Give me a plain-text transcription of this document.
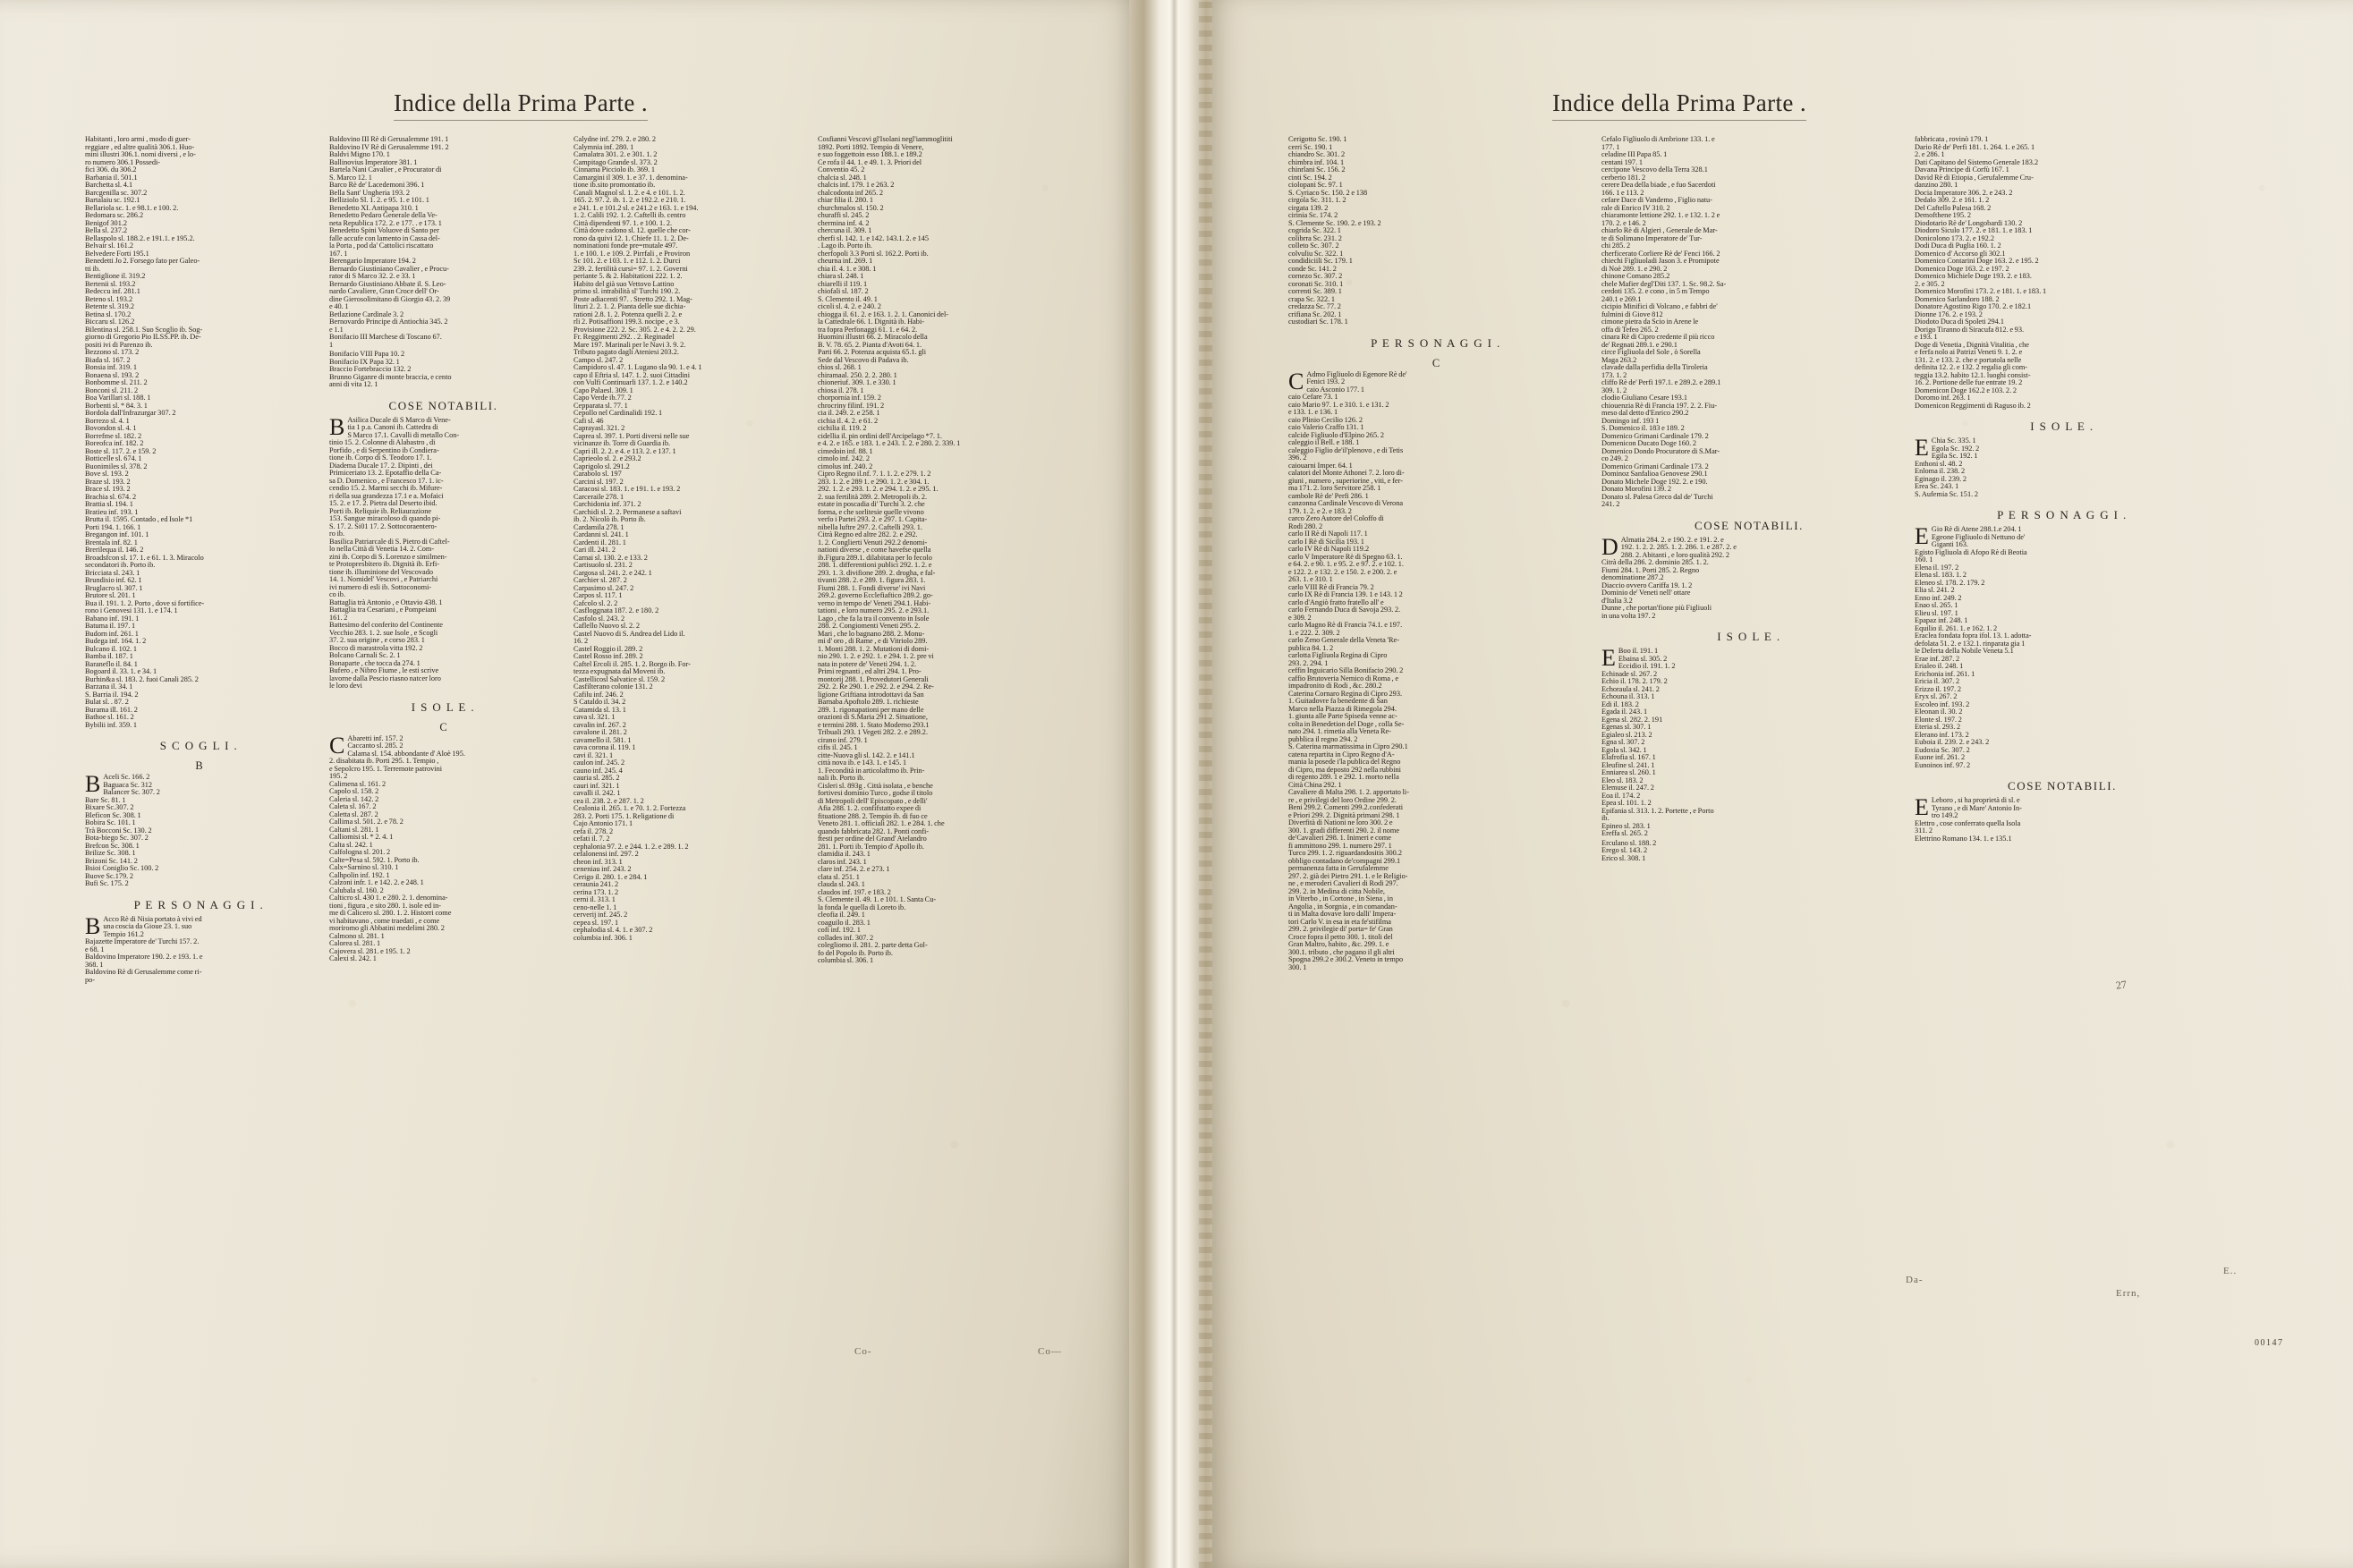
Indice della Prima Parte .
Habitanti , loro armi , modo di guer-
reggiare , ed altre qualità 306.1. Huo-
mini illustri 306.1. nomi diversi , e lo-
ro numero 306.1 Possedi-
fici 306. du 306.2
Barbania il. 501.1
Barchetta sl. 4.1
Barcgenilla sc. 307.2
Bartalaiu sc. 192.1
Bellariola sc. 1. e 98.1. e 100. 2.
Bedomara sc. 286.2
Benigof 301.2
Bella sl. 237.2
Bellaspolo sl. 188.2. e 191.1. e 195.2.
Belvair sl. 161.2
Belvedere Forti 195.1
Benedetti Jo 2. Forsego fato per Galeo-
tti ib.
Bentiglione il. 319.2
Bertenii sl. 193.2
Bedeccu inf. 281.1
Beteno sl. 193.2
Betente sl. 319.2
Betina sl. 170.2
Biccaru sl. 126.2
Bilentina sl. 258.1. Suo Scoglio ib. Sog-
giorno di Gregorio Pio ILSS.PP. ib. De-
positi ivi di Parenzo ib.
Bezzono sl. 173. 2
Biada sl. 167. 2
Bonsia inf. 319. 1
Bonaena sl. 193. 2
Bonbomme sl. 211. 2
Bonconi sl. 211. 2
Boa Varillari sl. 188. 1
Borbenti sl. * 84. 3. 1
Bordola dall'Infrazurgar 307. 2
Borrezo sl. 4. 1
Bovondon sl. 4. 1
Borrefme sl. 182. 2
Boreofca inf. 182. 2
Boste sl. 117. 2. e 159. 2
Botticelle sl. 674. 1
Buonimiles sl. 378. 2
Bove sl. 193. 2
Braze sl. 193. 2
Brace sl. 193. 2
Brachia sl. 674. 2
Brattia sl. 194. 1
Bratieu inf. 193. 1
Brutta il. 1595. Contado , ed Isole *1
Porti 194. 1. 166. 1
Bregangon inf. 101. 1
Brentala inf. 82. 1
Brerilequa il. 146. 2
Broadsfcon sl. 17. 1. e 61. 1. 3. Miracolo
secondatori ib. Porto ib.
Bricciata sl. 243. 1
Brundisio inf. 62. 1
Bruglacro sl. 307. 1
Brutore sl. 201. 1
Bua il. 191. 1. 2. Porto , dove si fortifice-
rono i Genovesi 131. 1. e 174. 1
Babano inf. 191. 1
Batuma il. 197. 1
Budorn inf. 261. 1
Budega inf. 164. 1. 2
Bulcano il. 102. 1
Bamba il. 187. 1
Baraneflo il. 84. 1
Bogoard il. 33. 1. e 34. 1
Burhin&a sl. 183. 2. fuoi Canali 285. 2
Barzana il. 34. 1
S. Barria il. 194. 2
Bulat sl. . 87. 2
Burama ill. 161. 2
Bathoe sl. 161. 2
Bybilii inf. 359. 1
S C O G L I .
B
B Aceli Sc. 166. 2
Baguaca Sc. 312
Balancer Sc. 307. 2
Bare Sc. 81. 1
Bixare Sc.307. 2
Bleficon Sc. 308. 1
Bobira Sc. 101. 1
Trà Bocconi Sc. 130. 2
Bota-biego Sc. 307. 2
Brefcon Sc. 308. 1
Brilize Sc. 308. 1
Brizoni Sc. 141. 2
Bsioi Coniglio Sc. 100. 2
Buove Sc.179. 2
Bufi Sc. 175. 2
P E R S O N A G G I .
B Acco Rè di Nisia portato à vivi ed
una coscia da Gioue 23. 1. suo
Tempio 161.2
Bajazette Imperatore de' Turchi 157. 2.
e 68. 1
Baldovino Imperatore 190. 2. e 193. 1. e
368. 1
Baldovino Rè di Gerusalemme come ri-
po-
Baldovino III Rè di Gerusalemme 191. 1
Baldovino IV Rè di Gerusalemme 191. 2
Baldvi Migno 170. 1
Ballinovius Imperatore 381. 1
Bartela Nani Cavalier , e Procurator di
S. Marco 12. 1
Barco Rè de' Lacedemoni 396. 1
Bella Sant' Ungheria 193. 2
Belliziolo Sl. 1. 2. e 95. 1. e 101. 1
Benedetto XI. Antipapa 310. 1
Benedetto Pedaro Generale della Ve-
neta Republica 172. 2. e 177. . e 173. 1
Benedetto Spini Voluove di Santo per
falle accufe con lamento in Cassa del-
la Porta , pod da' Cattolici riscattato
167. 1
Berengario Imperatore 194. 2
Bernardo Giustiniano Cavalier , e Procu-
rator di S Marco 32. 2. e 33. 1
Bernardo Giustiniano Abbate il. S. Leo-
nardo Cavaliere, Gran Croce dell' Or-
dine Gierosolimitano di Giorgio 43. 2. 39
e 40. 1
Betlazione Cardinale 3. 2
Bernovardo Principe di Antiochia 345. 2
e 1.1
Bonifacio III Marchese di Toscano 67.
1
Bonifacio VIII Papa 10. 2
Bonifacio IX Papa 32. 1
Braccio Fortebraccio 132. 2
Brunno Giganre di monte braccia, e cento
anni di vita 12. 1
COSE NOTABILI.
B Asilica Ducale di S Marco di Vene-
tia 1 p.a. Canoni ib. Cattedra di
S Marco 17.1. Cavalli di metallo Con-
tinio 15. 2. Colonne di Alabastro , di
Porfido , e di Serpentino ib Condiera-
tione ib. Corpo di S. Teodoro 17. 1.
Diadema Ducale 17. 2. Dipinti , dei
Primiceriato 13. 2. Epotaffio della Ca-
sa D. Domenico , e Francesco 17. 1. ic-
cendio 15. 2. Marmi secchi ib. Mifure-
ri della sua grandezza 17.1 e a. Mofaici
15. 2. e 17. 2. Pietra dal Deserto ibid.
Porti ib. Reliquie ib. Reliaurazione
153. Sangue miracoloso di quando pi-
S. 17. 2. Si01 17. 2. Sottocoraentero-
ro ib.
Basilica Patriarcale di S. Pietro di Caftel-
lo nella Città di Venetia 14. 2. Com-
zini ib. Corpo di S. Lorenzo e similmen-
te Protopresbitero ib. Dignità ib. Erfi-
tione ib. illuminione del Vescovado
14. 1. Nomidel' Vescovi , e Patriarchi
ivi numero di esli ib. Sottoconomi-
co ib.
Battaglia trà Antonio , e Ottavio 438. 1
Battaglia tra Cesariani , e Pompeiani
161. 2
Battesimo del conferito del Continente
Vecchio 283. 1. 2. sue Isole , e Scogli
37. 2. sua origine , e corso 283. 1
Bocco di marastrola vitta 192. 2
Bolcano Carnali Sc. 2. 1
Bonaparte , che tocca da 274. 1
Bufero , e Nibro Fiume , le esti scrive
lavorne dalla Pescio riasno natcer loro
le loro devi
I S O L E .
C
C Abaretti inf. 157. 2
Caccanto sl. 285. 2
Calama sl. 154. abbondante d' Aloè 195.
2. disabitata ib. Porti 295. 1. Tempio ,
e Sepolcro 195. 1. Terremote patrovini
195. 2
Calimena sl. 161. 2
Capolo sl. 158. 2
Caleria sl. 142. 2
Caleta sl. 167. 2
Caletta sl. 287. 2
Callima sl. 501. 2. e 78. 2
Caltani sl. 281. 1
Calliomisi sl. * 2. 4. 1
Calta sl. 242. 1
Calfologna sl. 201. 2
Calte=Pesa sl. 592. 1. Porto ib.
Calx=Sarnino sl. 310. 1
Calhpolin inf. 192. 1
Calzoni infr. 1. e 142. 2. e 248. 1
Calubala sl. 160. 2
Calticro sl. 430 1. e 280. 2. 1. denomina-
tioni , figura , e sito 280. 1. isole ed in-
me di Calicero sl. 280. 1. 2. Historri come
vi habitavano , come traedati , e come
moriromo gli Abbatini medelimi 280. 2
Calmono sl. 281. 1
Calorea sl. 281. 1
Cajovera sl. 281. e 195. 1. 2
Calexi sl. 242. 1
Calydne inf. 279. 2. e 280. 2
Calymnia inf. 280. 1
Camalatra 301. 2. e 301. 1. 2
Campitago Grande sl. 373. 2
Cinnama Picciolo ib. 369. 1
Camargini il 309. 1. e 37. 1. denomina-
tione ib.sito promontatio ib.
Canali Magnol sl. 1. 2. e 4. e 101. 1. 2.
165. 2. 97. 2. ib. 1. 2. e 192.2. e 210. 1.
e 241. 1. e 101.2 sl. e 241.2 e 163. 1. e 194.
1. 2. Calili 192. 1. 2. Caftelli ib. centro
Città dipendenti 97. 1. e 100. 1. 2.
Città dove cadono sl. 12. quelle che cor-
rono da quivi 12. 1. Chiefe 11. 1. 2. De-
nominationi fonde pre=mutale 497.
1. e 100. 1. e 109. 2. Pirrfali , e Proviron
Sc 101. 2. e 103. 1. e 112. 1. 2. Durci
239. 2. fertilità cursi= 97. 1. 2. Governi
periante 5. & 2. Habitationi 222. 1. 2.
Habito del già suo Vettovo Lattino
primo sl. intrabilità sl' Turchi 190. 2.
Poste adiacenti 97. . Stretto 292. 1. Mag-
lituri 2. 2. 1. 2. Pianta delle sue dichia-
rationi 2.8. 1. 2. Potenza quelli 2. 2. e
rli 2. Potisaffioni 199.3. nocipe , e 3.
Provisione 222. 2. Sc. 305. 2. e 4. 2. 2. 29.
Fr. Reggimenti 292. . 2. Reginadel
Mare 197. Marinali per le Navi 3. 9. 2.
Tributo pagato dagli Ateniesi 203.2.
Campo sl. 247. 2
Campidoro sl. 47. 1. Lugano sla 90. 1. e 4. 1
capo il Eftria sl. 147. 1. 2. suoi Cittadini
con Vulfi Continuarli 137. 1. 2. e 140.2
Capo Palaesl. 309. 1
Capo Verde ib.77. 2
Cepparata sl. 77. 1
Cepollo nel Cardinalidi 192. 1
Cafi sl. 46
Caprayasl. 321. 2
Caprea sl. 397. 1. Porti diversi nelle sue
vicinanze ib. Torre di Guardia ib.
Capri ill. 2. 2. e 4. e 113. 2. e 137. 1
Caprieolo sl. 2. e 293.2
Caprigolo sl. 291.2
Carabolo sl. 197
Carcini sl. 197. 2
Caracosi sl. 183. 1. e 191. 1. e 193. 2
Carceraile 278. 1
Carchidonia inf. 371. 2
Carchidi sl. 2. 2. Permanese a saftavi
ib. 2. Nicolò ib. Porto ib.
Cardamila 278. 1
Cardanni sl. 241. 1
Cardenti il. 281. 1
Cari ill. 241. 2
Carnai sl. 130. 2. e 133. 2
Cartisuolo sl. 231. 2
Cargosa sl. 241. 2. e 242. 1
Carchier sl. 287. 2
Carpasimo sl. 247. 2
Carpos sl. 117. 1
Cafcolo sl. 2. 2
Casfloggnata 187. 2. e 180. 2
Casfolo sl. 243. 2
Caflello Nuovo sl. 2. 2
Castel Nuovo di S. Andrea del Lido il.
16. 2
Castel Roggio il. 289. 2
Castel Rosso inf. 289. 2
Caftel Ercoli il. 285. 1. 2. Borgo ib. For-
tezza expugnata dal Moveni ib.
Castellicosl Salvatice sl. 159. 2
Casfilterano colonie 131. 2
Cafilu inf. 246. 2
S Cataldo il. 34. 2
Catamida sl. 13. 1
cava sl. 321. 1
cavalin inf. 267. 2
cavalone il. 281. 2
cavamello il. 581. 1
cava corona il. 119. 1
cavi il. 321. 1
caulon inf. 245. 2
cauno inf. 245. 4
cauria sl. 285. 2
cauri inf. 321. 1
cavalli il. 242. 1
cea il. 238. 2. e 287. 1. 2
Cealonia il. 265. 1. e 70. 1. 2. Fortezza
283. 2. Porti 175. 1. Religatione di
Cajo Antonio 171. 1
cefa il. 278. 2
cefati il. 7. 2
cephalonia 97. 2. e 244. 1. 2. e 289. 1. 2
cefalonensi inf. 297. 2
cheon inf. 313. 1
ceneniau inf. 243. 2
Cerigo il. 280. 1. e 284. 1
ceraunia 241. 2
cerina 173. 1. 2
cerni il. 313. 1
ceno-nelle 1. 1
cerverij inf. 245. 2
cepea sl. 197. 1
cephalodia sl. 4. 1. e 307. 2
columbia inf. 306. 1
Cosfianni Vescovi gl'Isolani negl'iammoglititi
1892. Porti 1892. Tempio di Venere,
e suo foggettoin esso 188.1. e 189.2
Ce rofa il 44. 1. e 49. 1. 3. Priori del
Conventio 45. 2
chalcia sl. 248. 1
chalcis inf. 179. 1 e 263. 2
chalcodonta inf 265. 2
chiar filia il. 280. 1
churchmalos sl. 150. 2
churaffi sl. 245. 2
chermina inf. 4. 2
chercuna il. 309. 1
cherfi sl. 142. 1. e 142. 143.1. 2. e 145
. Lago ib. Porto ib.
cherfopoli 3.3 Porti sl. 162.2. Porti ib.
cheurna inf. 269. 1
chia il. 4. 1. e 308. 1
chiara sl. 248. 1
chiarelli il 119. 1
chiofali sl. 187. 2
S. Clemento il. 49. 1
cicoli sl. 4. 2. e 240. 2
chiogga il. 61. 2. e 163. 1. 2. 1. Canonici del-
la Cattedrale 66. 1. Dignità ib. Habi-
tra fopra Perfonaggi 61. 1. e 64. 2.
Huomini illustri 66. 2. Miracolo della
B. V. 78. 65. 2. Pianta d'Avoti 64. 1.
Parti 66. 2. Potenza acquista 65.1. gli
Sede dal Vescovo di Padava ib.
chios sl. 268. 1
chiramaal. 250. 2. 2. 280. 1
chioneriuf. 309. 1. e 330. 1
chiosa il. 278. 1
chorpornia inf. 159. 2
chrocriny filinf. 191. 2
cia il. 249. 2. e 258. 1
cichia il. 4. 2. e 61. 2
cichilia il. 119. 2
cidellia il. pin ordini dell'Arcipelago *7. 1.
e 4. 2. e 165. e 183. 1. e 243. 1. 2. e 280. 2. 339. 1
cimedoin inf. 88. 1
cimolo inf. 242. 2
cimolus inf. 240. 2
Cipro Regno il.nf. 7. 1. 1. 2. e 279. 1. 2
283. 1. 2. e 289 1. e 290. 1. 2. e 304. 1.
292. 1. 2. e 293. 1. 2. e 294. 1. 2. e 295. 1.
2. sua fertilità 289. 2. Metropoli ib. 2.
estate in poscadia di' Turchi 3. 2. che
forma, e che sorlitesie quelle vivono
verfo i Partei 293. 2. e 297. 1. Capita-
nibella luftre 297. 2. Caftelli 293. 1.
Citrà Regno ed altre 282. 2. e 292.
1. 2. Conglierti Venuti 292.2 denomi-
nationi diverse , e come havefse quella
ib.Figura 289.1. dilabitata per lo fecolo
288. 1. differentioni publici 292. 1. 2. e
293. 1. 3. divifione 289. 2. drogha, e fal-
tivanti 288. 2. e 289. 1. figura 283. 1.
Fiumi 288. 1. Fondi diverse' ivi Navi
269.2. governo Ecclefiaftico 289.2. go-
verno in tempo de' Veneti 294.1. Habi-
tationi , e loro numero 295. 2. e 293.1.
Lago , che fa la tra il convento in Isole
288. 2. Congiomenti Veneti 295. 2.
Mari , che lo bagnano 288. 2. Monu-
mi d' oro , di Rame , e di Vitriolo 289.
1. Monti 288. 1. 2. Mutationi di domi-
nio 290. 1. 2. e 292. 1. e 294. 1. 2. pre vi
nata in potere de' Veneti 294. 1. 2.
Primi regnanti , ed altri 294. 1. Pro-
montorij 288. 1. Provedutori Generali
292. 2. Re 290. 1. e 292. 2. e 294. 2. Re-
ligione Griftiana introdottavi da San
Barnaba Apoftolo 289. 1. richieste
289. 1. rigonapationi per mano delle
orazioni di S.Maria 291 2. Situatione,
e termini 288. 1. Stato Moderno 293.1
Tribuali 293. 1 Vegeti 282. 2. e 289.2.
cirano inf. 279. 1
cifis il. 245. 1
citte-Nuova gli sl. 142. 2. e 141.1
città nova ib. e 143. 1. e 145. 1
1. Fecondità in articolaftmo ib. Prin-
nali ib. Porto ib.
Cisleri sl. 893g . Città isolata , e benche
fortivesi dominio Turco , godse il titolo
di Metropoli dell' Episcopato , e delli'
Afia 288. 1. 2. confifstatto expee di
fituatione 288. 2. Tempio ib. di fuo ce
Veneto 281. 1. officiali 282. 1. e 284. 1. che
quando fabbricata 282. 1. Ponti confi-
ftesti per ordine del Grand' Atelandro
281. 1. Porti ib. Tempio d' Apollo ib.
clamidia il. 243. 1
claros inf. 243. 1
clare inf. 254. 2. e 273. 1
clata sl. 251. 1
clauda sl. 243. 1
claudos inf. 197. e 183. 2
S. Clemente il. 49. 1. e 101. 1. Santa Cu-
la fonda le quella di Loreto ib.
cleofia il. 249. 1
coaguilo il. 283. 1
cofi inf. 192. 1
collades inf. 307. 2
colegliomo il. 281. 2. parte detta Gol-
fo del Popolo ib. Porto ib.
columbia sl. 306. 1
Co—
Co-
Indice della Prima Parte .
Cerigotto Sc. 190. 1
cerri Sc. 190. 1
chiandro Sc. 301. 2
chimbra inf. 104. 1
chinrlani Sc. 156. 2
cinti Sc. 194. 2
ciolopani Sc. 97. 1
S. Cyriaco Sc. 150. 2 e 138
cirgola Sc. 311. 1. 2
cirgata 139. 2
cirinia Sc. 174. 2
S. Clemente Sc. 190. 2. e 193. 2
cogrida Sc. 322. 1
colibrra Sc. 231. 2
colleto Sc. 307. 2
colvuliu Sc. 322. 1
condidiciili Sc. 179. 1
conde Sc. 141. 2
cornezo Sc. 307. 2
coronati Sc. 310. 1
correnti Sc. 389. 1
crapa Sc. 322. 1
credazza Sc. 77. 2
crifiana Sc. 202. 1
custodiari Sc. 178. 1
P E R S O N A G G I .
C
C Admo Figliuolo di Egenore Rè de'
Fenici 193. 2
caio Asconio 177. 1
caio Cefare 73. 1
caio Mario 97. 1. e 310. 1. e 131. 2
e 133. 1. e 136. 1
caio Plinio Cecilio 126. 2
caio Valerio Craffo 131. 1
calcide Figliuolo d'Elpino 265. 2
caleggio il Bell. e 188. 1
caleggio Figlio de'il'plenovo , e di Tetis
396. 2
caiouarni Imper. 64. 1
calatori del Monte Athonei 7. 2. loro di-
giuni , numero , superiorine , viti, e fer-
ma 171. 2. loro Servitore 258. 1
cambole Rè de' Perfi 286. 1
canzonna Cardinale Vescovo di Verona
179. 1. 2. e 2. e 183. 2
carco Zero Autore del Coloffo di
Rodi 280. 2
carlo II Rè di Napoli 117. 1
carlo I Rè di Sicilia 193. 1
carlo IV Rè di Napoli 119.2
carlo V Imperatore Rè di Spegno 63. 1.
e 64. 2. e 90. 1. e 95. 2. e 97. 2. e 102. 1.
e 122. 2. e 132. 2. e 150. 2. e 200. 2. e
263. 1. e 310. 1
carlo VIII Rè di Francia 79. 2
carlo IX Rè di Francia 139. 1 e 143. 1 2
carlo d'Angiò fratto fratello all' e
carlo Fernando Duca di Savoja 293. 2.
e 309. 2
carlo Magno Rè di Francia 74.1. e 197.
1. e 222. 2. 309. 2
carlo Zeno Generale della Veneta 'Re-
publica 84. 1. 2
carlotta Figliuola Regina di Cipro
293. 2. 294. 1
ceffin Inguicario Silla Bonifacio 290. 2
caffio Brutoveria Nemico di Roma , e
impadronito di Rodi , &c. 280.2
Caterina Cornaro Regina di Cipro 293.
1. Guitadovre fa benedente di San
Marco nella Piazza di Rimegola 294.
1. giunta alle Parte Spiseda venne ac-
colta in Benedetion del Doge , colla Se-
nato 294. 1. rimetia alla Veneta Re-
pubblica il regno 294. 2
S. Caterina marmatissima in Cipro 290.1
catena repartita in Cipro Regno d'A-
mania la posede i'la publica del Regno
di Cipro, ma deposto 292 nella rubbini
di regento 289. 1 e 292. 1. morto nella
Città China 292. 1
Cavaliere di Malta 298. 1. 2. apportato li-
re , e privilegi del loro Ordine 299. 2.
Beni 299.2. Comenti 299.2.confederati
e Priori 299. 2. Dignità primani 298. 1
Diverfità di Nationi ne loro 300. 2 e
300. 1. gradi differenti 290. 2. il nome
de'Cavalieri 298. 1. Inimeri e come
fi ammittono 299. 1. numero 297. 1
Turco 299. 1. 2. riguardandositis 300.2
obbligo contadano de'compagni 299.1
permanenza fatta in Gerufalemme
297. 2. già dei Pietro 291. 1. e le Religio-
ne , e meroderi Cavalieri di Rodi 297.
299. 2. in Medina di citta Nobile,
in Viterbo , in Cortone , in Siena , in
Angolia , in Sorgnia , e in comandan-
ti in Malta dovave loro dalli' Impera-
tori Carlo V. in esa in eta fe'stifilma
299. 2. privilegie di' porta= fe' Gran
Croce fopra il petto 300. 1. titoli del
Gran Maltro, habito , &c. 299. 1. e
300.1. tributo , che pagano il gli altri
Spogna 299.2 e 300.2. Veneto in tempo
300. 1
Cefalo Figliuolo di Ambrione 133. 1. e
177. 1
celadine III Papa 85. 1
centani 197. 1
cercipone Vescovo della Terra 328.1
cerberio 181. 2
cerere Dea della biade , e fuo Sacerdoti
166. 1 e 113. 2
cefare Dace di Vandemo , Figlio natu-
rale di Enrico IV 310. 2
chiaramonte lettione 292. 1. e 132. 1. 2 e
170. 2. e 146. 2
chiarlo Rè di Algieri , Generale de Mar-
te di Solimano Imperatore de' Tur-
chi 285. 2
cherficerato Corliere Rè de' Fenci 166. 2
chiechi Figliuoladi Jason 3. e Promipote
di Noè 289. 1. e 290. 2
chinone Comano 285.2
chele Mafier degl'Diti 137. 1. Sc. 98.2. Sa-
cerdoti 135. 2. e cono , in 5 m Tempo
240.1 e 269.1
cicipio Minifici di Volcano , e fabbri de'
fulmini di Giove 812
cimone pietra da Scio in Arene le
offa di Tefeo 265. 2
cinara Rè di Cipro credente il più ricco
de' Regnati 289.1. e 290.1
circe Figliuola del Sole , ò Sorella
Maga 263.2
clavade dalla perfidia della Tiroleria
173. 1. 2
cliffo Rè de' Perfi 197.1. e 289.2. e 289.1
309. 1. 2
clodio Giuliano Cesare 193.1
chiouenzia Rè di Francia 197. 2. 2. Fiu-
meso dal detto d'Enrico 290.2
Domingo inf. 193 1
S. Domenico il. 183 e 189. 2
Domenico Grimani Cardinale 179. 2
Domenicon Ducato Doge 160. 2
Domenico Dondo Procuratore di S.Mar-
co 249. 2
Domenico Grimani Cardinale 173. 2
Dominoz Sanfalioa Genovese 290.1
Donato Michele Doge 192. 2. e 190.
Donato Morofini 139. 2
Donato sl. Palesa Greco dal de' Turchi
241. 2
COSE NOTABILI.
D Almatia 284. 2. e 190. 2. e 191. 2. e
192. 1. 2. 2. 285. 1. 2. 286. 1. e 287. 2. e
288. 2. Abitanti , e loro qualità 292. 2
Citrà della 286. 2. dominio 285. 1. 2.
Fiumi 284. 1. Porti 285. 2. Regno
denominatione 287.2
Diaccio ovvero Cariffa 19. 1. 2
Dominio de' Veneti nell' ottare
d'Italia 3.2
Dunne , che portan'fione più Figliuoli
in una volta 197. 2
I S O L E .
E Boo il. 191. 1
Ebaina sl. 305. 2
Eccidio il. 191. 1. 2
Echinade sl. 267. 2
Echio il. 178. 2. 179. 2
Echoraula sl. 241. 2
Echouna il. 313. 1
Edi il. 183. 2
Egada il. 243. 1
Egena sl. 282. 2. 191
Egenas sl. 307. 1
Egialeo sl. 213. 2
Egna sl. 307. 2
Egola sl. 342. 1
Elafrofia sl. 167. 1
Eleufine sl. 241. 1
Enniarea sl. 260. 1
Eleo sl. 183. 2
Elemuse il. 247. 2
Eoa il. 174. 2
Epea sl. 101. 1. 2
Epifania sl. 313. 1. 2. Portette , e Porto
ib.
Epineo sl. 283. 1
Ereffa sl. 265. 2
Erculano sl. 188. 2
Erego sl. 143. 2
Erico sl. 308. 1
fabbricata , rovinò 179. 1
Dario Rè de' Perfi 181. 1. 264. 1. e 265. 1
2. e 286. 1
Dati Capitano del Sistemo Generale 183.2
Davana Principe di Corfù 167. 1
David Rè di Etiopia , Gerufalemme Cru-
danzino 280. 1
Docia Imperatore 306. 2. e 243. 2
Dedalo 309. 2. e 161. 1. 2
Del Caftello Palesa 168. 2
Demofthene 195. 2
Diodotario Rè de' Longobardi 130. 2
Diodoro Siculo 177. 2. e 181. 1. e 183. 1
Donicolono 173. 2. e 192.2
Dodi Duca di Puglia 160. 1. 2
Domenico d' Accorso gli 302.1
Domenico Contarini Doge 163. 2. e 195. 2
Domenico Doge 163. 2. e 197. 2
Domenico Michiele Doge 193. 2. e 183.
2. e 305. 2
Domenico Morofini 173. 2. e 181. 1. e 183. 1
Domenico Sarlandoro 188. 2
Donatore Agostino Rigo 170. 2. e 182.1
Dionne 176. 2. e 193. 2
Diodoto Duca di Spoleti 294.1
Dorigo Tiranno di Siracufa 812. e 93.
e 193. 1
Doge di Venetia , Dignità Vitalitia , che
e ferfa nolo ai Patrizi Veneti 9. 1. 2. e
131. 2. e 133. 2. che e portatola nelle
definita 12. 2. e 132. 2 regalia gli com-
teggia 13.2. habito 12.1. luoghi consist-
16. 2. Portione delle fue entrate 19. 2
Domenicon Doge 162.2 e 103. 2. 2
Doromo inf. 263. 1
Domenicon Reggimenti di Raguso ib. 2
I S O L E .
E Chia Sc. 335. 1
Egola Sc. 192. 2
Egila Sc. 192. 1
Enthoni sl. 48. 2
Enloma il. 238. 2
Eginago il. 239. 2
Erea Sc. 243. 1
S. Aufemia Sc. 151. 2
P E R S O N A G G I .
E Gio Rè di Atene 288.1.e 204. 1
Egeone Figliuolo di Nettuno de'
Giganti 163.
Egisto Figliuola di Afopo Rè di Beotia
160. 1
Elena il. 197. 2
Elena sl. 183. 1. 2
Eleneo sl. 178. 2. 179. 2
Elia sl. 241. 2
Enno inf. 249. 2
Enao sl. 265. 1
Elieu sl. 197. 1
Epapaz inf. 248. 1
Equilio il. 261. 1. e 162. 1. 2
Eraclea fondata fopra ifol. 13. 1. adotta-
defolata 51. 2. e 132.1. rinparata gia 1
le Deferta della Nobile Veneta 5.1
Erae inf. 287. 2
Erialeo il. 248. 1
Erichonia inf. 261. 1
Ericia il. 307. 2
Erizzo il. 197. 2
Eryx sl. 267. 2
Escoleo inf. 193. 2
Eleonan il. 30. 2
Elonte sl. 197. 2
Eteria sl. 293. 2
Elerano inf. 173. 2
Euboia il. 239. 2. e 243. 2
Eudoxia Sc. 307. 2
Euone inf. 261. 2
Eunoinos inf. 97. 2
COSE NOTABILI.
E Leboro , si ha proprietà di sl. e
Tyrano , e di Mare' Antonio In-
tro 149.2
Elettro , cose conferrato quella Isola
311. 2
Elettrino Romano 134. 1. e 135.1
27
00147
E..
Da-
Errn,
